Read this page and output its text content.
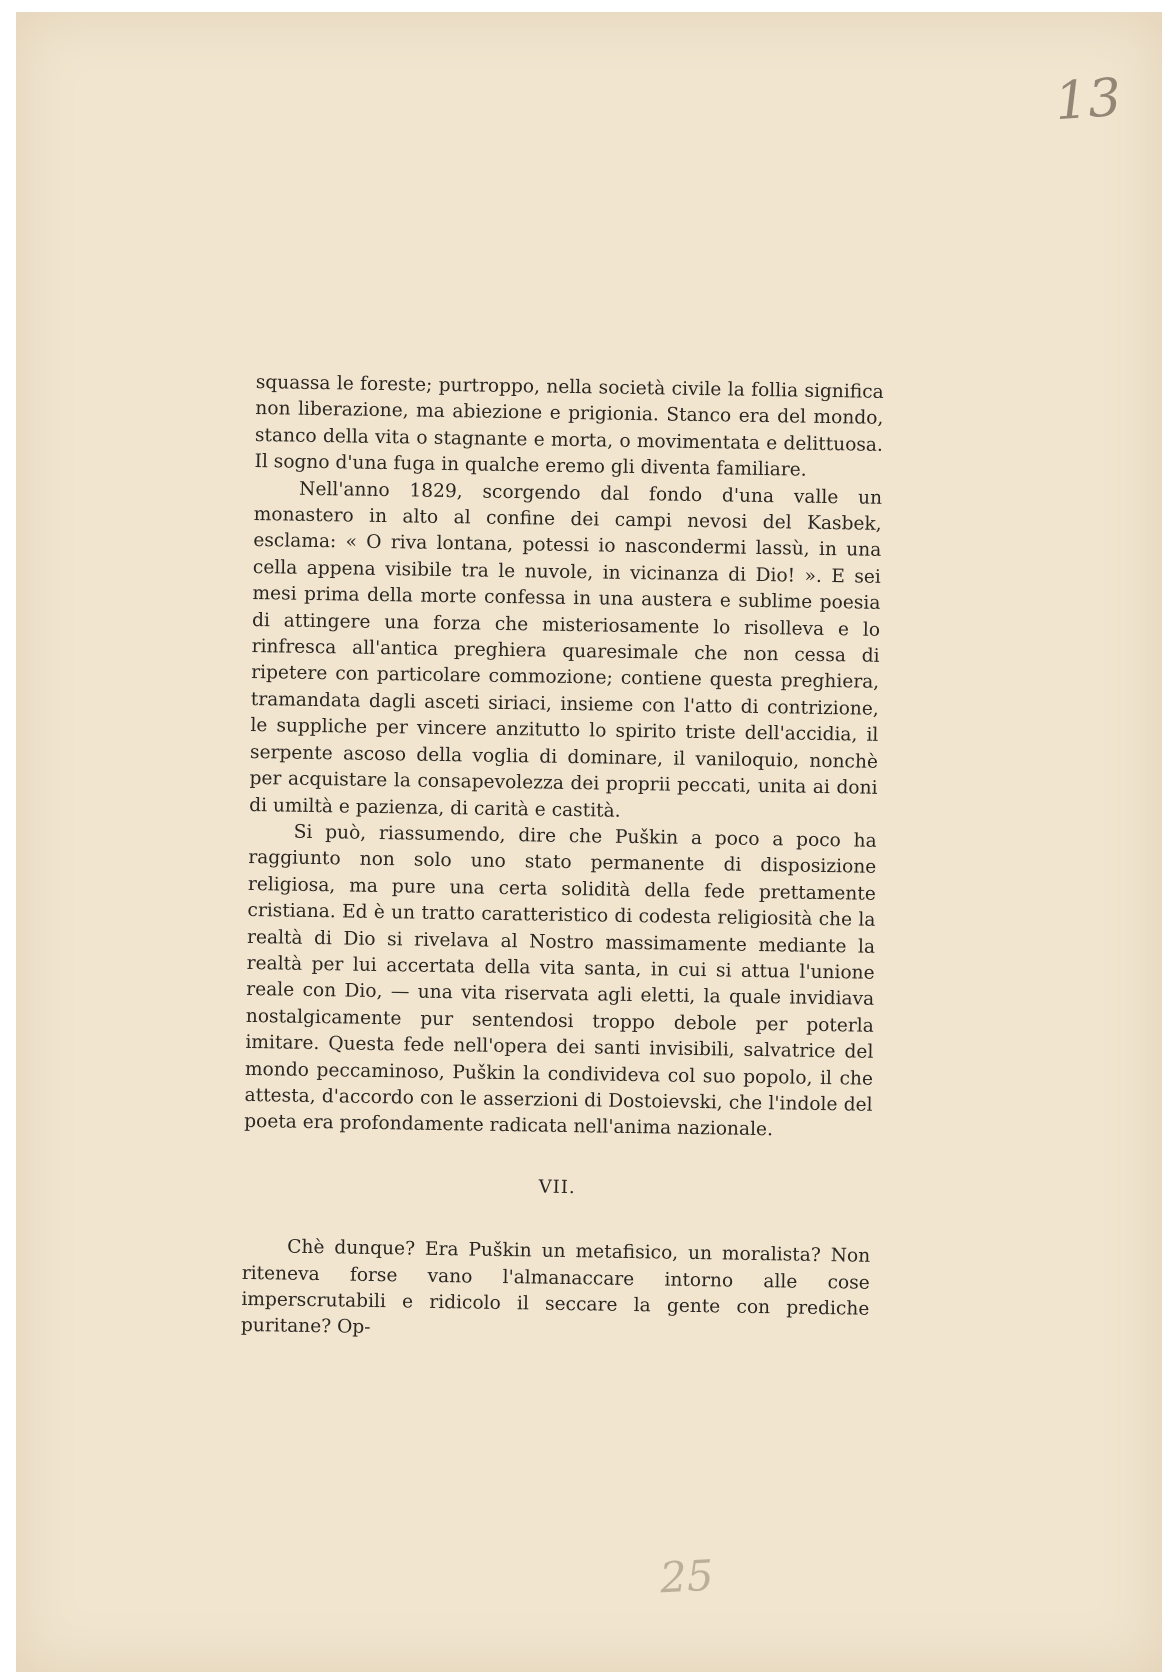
13

squassa le foreste; purtroppo, nella società civile la follia significa non liberazione, ma abiezione e prigionia. Stanco era del mondo, stanco della vita o stagnante e morta, o movimentata e delittuosa. Il sogno d'una fuga in qualche eremo gli diventa familiare.

Nell'anno 1829, scorgendo dal fondo d'una valle un monastero in alto al confine dei campi nevosi del Kasbek, esclama: « O riva lontana, potessi io nascondermi lassù, in una cella appena visibile tra le nuvole, in vicinanza di Dio! ». E sei mesi prima della morte confessa in una austera e sublime poesia di attingere una forza che misteriosamente lo risolleva e lo rinfresca all'antica preghiera quaresimale che non cessa di ripetere con particolare commozione; contiene questa preghiera, tramandata dagli asceti siriaci, insieme con l'atto di contrizione, le suppliche per vincere anzitutto lo spirito triste dell'accidia, il serpente ascoso della voglia di dominare, il vaniloquio, nonchè per acquistare la consapevolezza dei proprii peccati, unita ai doni di umiltà e pazienza, di carità e castità.

Si può, riassumendo, dire che Puškin a poco a poco ha raggiunto non solo uno stato permanente di disposizione religiosa, ma pure una certa solidità della fede prettamente cristiana. Ed è un tratto caratteristico di codesta religiosità che la realtà di Dio si rivelava al Nostro massimamente mediante la realtà per lui accertata della vita santa, in cui si attua l'unione reale con Dio, — una vita riservata agli eletti, la quale invidiava nostalgicamente pur sentendosi troppo debole per poterla imitare. Questa fede nell'opera dei santi invisibili, salvatrice del mondo peccaminoso, Puškin la condivideva col suo popolo, il che attesta, d'accordo con le asserzioni di Dostoievski, che l'indole del poeta era profondamente radicata nell'anima nazionale.

VII.

Chè dunque? Era Puškin un metafisico, un moralista? Non riteneva forse vano l'almanaccare intorno alle cose imperscrutabili e ridicolo il seccare la gente con prediche puritane? Op-

25
